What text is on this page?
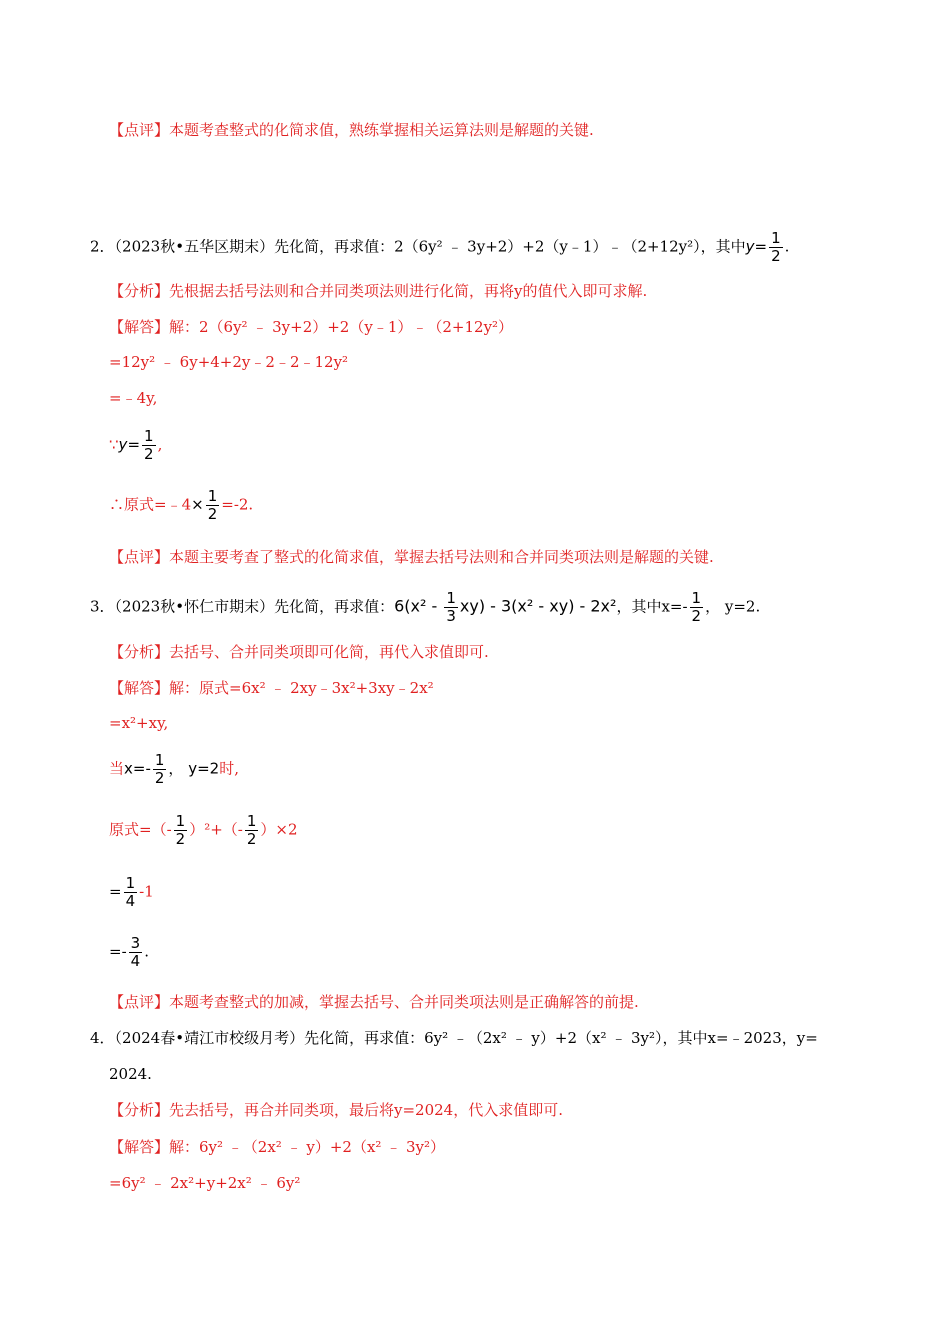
【点评】本题考查整式的化简求值，熟练掌握相关运算法则是解题的关键.
2．（2023秋•五华区期末）先化简，再求值：2（6y² ﹣ 3y+2）+2（y﹣1）﹣（2+12y²），其中$y= \frac{1}{2}$ .
【分析】先根据去括号法则和合并同类项法则进行化简，再将y的值代入即可求解.
【解答】解：2（6y² ﹣ 3y+2）+2（y﹣1）﹣（2+12y²）
=12y² ﹣ 6y+4+2y﹣2﹣2﹣12y²
=﹣4y,
∵y= $\frac{1}{2}$ ,
∴原式=﹣4× $\frac{1}{2} =-2$.
【点评】本题主要考查了整式的化简求值，掌握去括号法则和合并同类项法则是解题的关键.
3．（2023秋•怀仁市期末）先化简，再求值：$6(x^2 - \frac{1}{3} xy) - 3(x^2 - xy) - 2x^2$，其中$x=- \frac{1}{2}$ ， y=2.
【分析】去括号、合并同类项即可化简，再代入求值即可.
【解答】解：原式=6x² ﹣ 2xy﹣3x²+3xy﹣2x²
=x²+xy,
当$x=- \frac{1}{2}$ ， y=2时,
原式=（- $\frac{1}{2} )^2+(- \frac{1}{2} )\times 2$
= $\frac{1}{4} -1$
=- $\frac{3}{4}$ .
【点评】本题考查整式的加减，掌握去括号、合并同类项法则是正确解答的前提.
4．（2024春•靖江市校级月考）先化简，再求值：6y² ﹣（2x² ﹣ y）+2（x² ﹣ 3y²），其中x=﹣2023，y=
2024.
【分析】先去括号，再合并同类项，最后将y=2024，代入求值即可.
【解答】解：6y² ﹣（2x² ﹣ y）+2（x² ﹣ 3y²）
=6y² ﹣ 2x²+y+2x² ﹣ 6y²
